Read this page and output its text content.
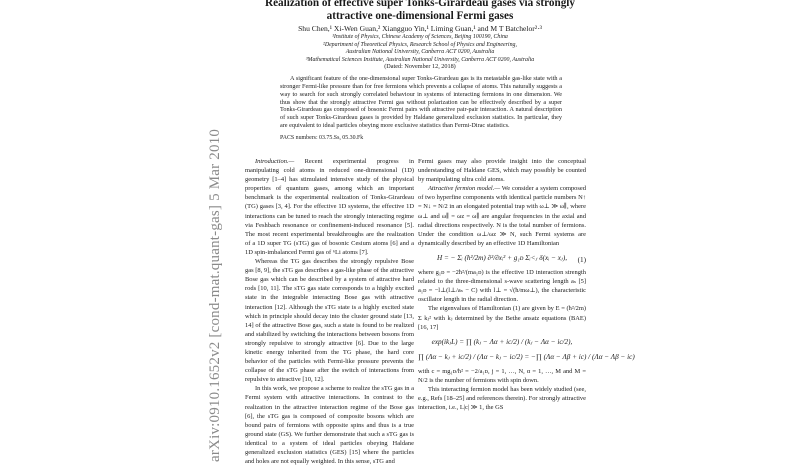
arXiv:0910.1652v2 [cond-mat.quant-gas] 5 Mar 2010
Realization of effective super Tonks-Girardeau gases via strongly attractive one-dimensional Fermi gases
Shu Chen,¹ Xi-Wen Guan,² Xiangguo Yin,¹ Liming Guan,¹ and M T Batchelor²·³
¹Institute of Physics, Chinese Academy of Sciences, Beijing 100190, China
²Department of Theoretical Physics, Research School of Physics and Engineering,
Australian National University, Canberra ACT 0200, Australia
³Mathematical Sciences Institute, Australian National University, Canberra ACT 0200, Australia
(Dated: November 12, 2018)
A significant feature of the one-dimensional super Tonks-Girardeau gas is its metastable gas-like state with a stronger Fermi-like pressure than for free fermions which prevents a collapse of atoms. This naturally suggests a way to search for such strongly correlated behaviour in systems of interacting fermions in one dimension. We thus show that the strongly attractive Fermi gas without polarization can be effectively described by a super Tonks-Girardeau gas composed of bosonic Fermi pairs with attractive pair-pair interaction. A natural description of such super Tonks-Girardeau gases is provided by Haldane generalized exclusion statistics. In particular, they are equivalent to ideal particles obeying more exclusive statistics than Fermi-Dirac statistics.
PACS numbers: 03.75.Ss, 05.30.Fk

Introduction.— Recent experimental progress in manipulating cold atoms in reduced one-dimensional (1D) geometry [1–4] has stimulated intensive study of the physical properties of quantum gases, among which an important benchmark is the experimental realization of Tonks-Girardeau (TG) gases [3, 4]. For the effective 1D systems, the effective 1D interactions can be tuned to reach the strongly interacting regime via Feshbach resonance or confinement-induced resonance [5]. The most recent experimental breakthroughs are the realization of a 1D super TG (sTG) gas of bosonic Cesium atoms [6] and a 1D spin-imbalanced Fermi gas of ⁶Li atoms [7].

Whereas the TG gas describes the strongly repulsive Bose gas [8, 9], the sTG gas describes a gas-like phase of the attractive Bose gas which can be described by a system of attractive hard rods [10, 11]. The sTG gas state corresponds to a highly excited state in the integrable interacting Bose gas with attractive interaction [12]. Although the sTG state is a highly excited state which in principle should decay into the cluster ground state [13, 14] of the attractive Bose gas, such a state is found to be realized and stabilized by switching the interactions between bosons from strongly repulsive to strongly attractive [6]. Due to the large kinetic energy inherited from the TG phase, the hard core behavior of the particles with Fermi-like pressure prevents the collapse of the sTG phase after the switch of interactions from repulsive to attractive [10, 12].

In this work, we propose a scheme to realize the sTG gas in a Fermi system with attractive interactions. In contrast to the realization in the attractive interaction regime of the Bose gas [6], the sTG gas is composed of composite bosons which are bound pairs of fermions with opposite spins and thus is a true ground state (GS). We further demonstrate that such a sTG gas is identical to a system of ideal particles obeying Haldane generalized exclusion statistics (GES) [15] where the particles and holes are not equally weighted. In this sense, sTG and

Fermi gases may also provide insight into the conceptual understanding of Haldane GES, which may possibly be counted by manipulating ultra cold atoms.

Attractive fermion model.— We consider a system composed of two hyperfine components with identical particle numbers N↑ = N↓ = N/2 in an elongated potential trap with ω⊥ ≫ ω∥, where ω⊥ and ω∥ = ωz = ω∥ are angular frequencies in the axial and radial directions respectively. N is the total number of fermions. Under the condition ω⊥/ωz ≫ N, such Fermi systems are dynamically described by an effective 1D Hamiltonian

H = − Σᵢ (ħ²/2m) ∂²/∂xᵢ² + g₁ᴅ Σᵢ<ⱼ δ(xᵢ − xⱼ), (1)

where g₁ᴅ = −2ħ²/(ma₁ᴅ) is the effective 1D interaction strength related to the three-dimensional s-wave scattering length aₛ [5] a₁ᴅ = −l⊥(l⊥/aₛ − C) with l⊥ = √(ħ/mω⊥), the characteristic oscillator length in the radial direction.

The eigenvalues of Hamiltonian (1) are given by E = (ħ²/2m) Σ kⱼ² with kⱼ determined by the Bethe ansatz equations (BAE) [16, 17]

exp(ikⱼL) = ∏ (kⱼ − Λα + ic/2) / (kⱼ − Λα − ic/2),
∏ (Λα − kⱼ + ic/2) / (Λα − kⱼ − ic/2) = −∏ (Λα − Λβ + ic) / (Λα − Λβ − ic)

with c = mg₁ᴅ/ħ² = −2/a₁ᴅ, j = 1, …, N, α = 1, …, M and M = N/2 is the number of fermions with spin down.

This interacting fermion model has been widely studied (see, e.g., Refs [18–25] and references therein). For strongly attractive interaction, i.e., L|c| ≫ 1, the GS
